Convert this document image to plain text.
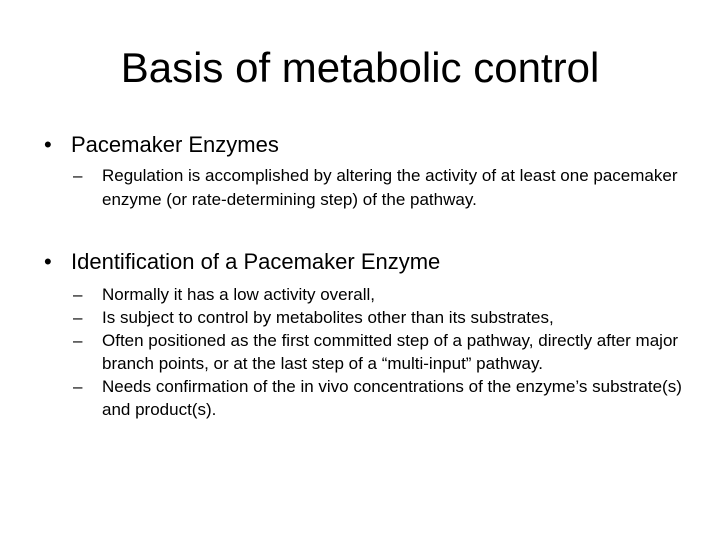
Basis of metabolic control
• Pacemaker Enzymes
– Regulation is accomplished by altering the activity of at least one pacemaker enzyme (or rate-determining step) of the pathway.
• Identification of a Pacemaker Enzyme
– Normally it has a low activity overall,
– Is subject to control by metabolites other than its substrates,
– Often positioned as the first committed step of a pathway, directly after major branch points, or at the last step of a “multi-input” pathway.
– Needs confirmation of the in vivo concentrations of the enzyme’s substrate(s) and product(s).
